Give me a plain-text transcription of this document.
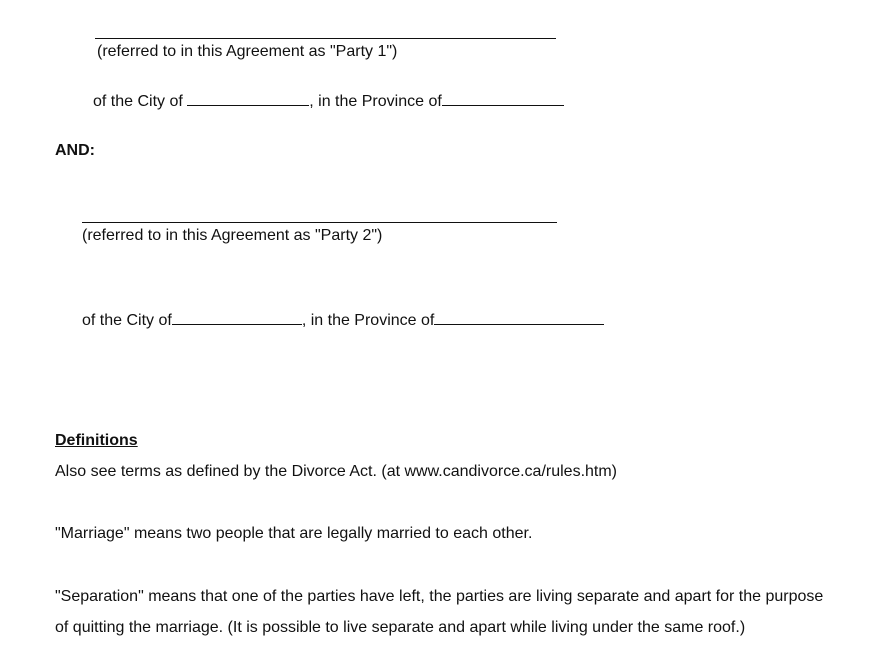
(referred to in this Agreement as "Party 1")
of the City of	, in the Province of
AND:
(referred to in this Agreement as "Party 2")
of the City of	, in the Province of
Definitions
Also see terms as defined by the Divorce Act. (at www.candivorce.ca/rules.htm)
"Marriage" means two people that are legally married to each other.
"Separation" means that one of the parties have left, the parties are living separate and apart for the purpose of quitting the marriage. (It is possible to live separate and apart while living under the same roof.)
